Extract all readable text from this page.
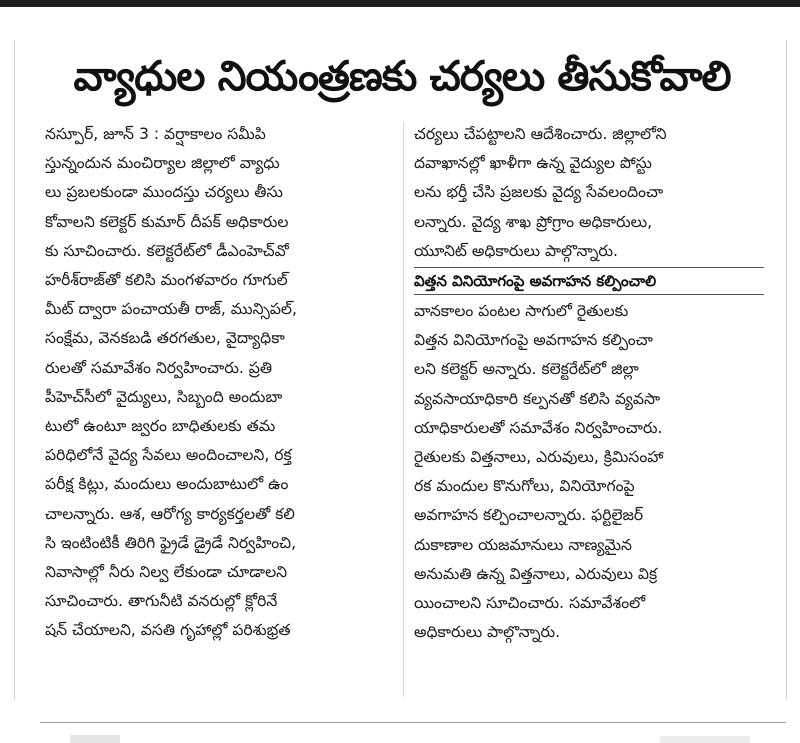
వ్యాధుల నియంత్రణకు చర్యలు తీసుకోవాలి
నస్పూర్, జూన్ 3 : వర్షాకాలం సమీపి
స్తున్నందున మంచిర్యాల జిల్లాలో వ్యాధు
లు ప్రబలకుండా ముందస్తు చర్యలు తీసు
కోవాలని కలెక్టర్ కుమార్ దీపక్ అధికారుల
కు సూచించారు. కలెక్టరేట్‌లో డీఎంహెచ్‌వో
హరీశ్‌రాజ్‌తో కలిసి మంగళవారం గూగుల్
మీట్ ద్వారా పంచాయతీ రాజ్, మున్సిపల్,
సంక్షేమ, వెనకబడి తరగతుల, వైద్యాధికా
రులతో సమావేశం నిర్వహించారు. ప్రతి
పీహెచ్‌సీలో వైద్యులు, సిబ్బంది అందుబా
టులో ఉంటూ జ్వరం బాధితులకు తమ
పరిధిలోనే వైద్య సేవలు అందించాలని, రక్త
పరీక్ష కిట్లు, మందులు అందుబాటులో ఉం
చాలన్నారు. ఆశ, ఆరోగ్య కార్యకర్తలతో కలి
సి ఇంటింటికీ తిరిగి ఫ్రైడే డ్రైడే నిర్వహించి,
నివాసాల్లో నీరు నిల్వ లేకుండా చూడాలని
సూచించారు. తాగునీటి వనరుల్లో క్లోరినే
షన్ చేయాలని, వసతి గృహాల్లో పరిశుభ్రత
చర్యలు చేపట్టాలని ఆదేశించారు. జిల్లాలోని
దవాఖానల్లో ఖాళీగా ఉన్న వైద్యుల పోస్టు
లను భర్తీ చేసి ప్రజలకు వైద్య సేవలందించా
లన్నారు. వైద్య శాఖ ప్రోగ్రాం అధికారులు,
యూనిట్ అధికారులు పాల్గొన్నారు.
విత్తన వినియోగంపై అవగాహన కల్పించాలి
వానకాలం పంటల సాగులో రైతులకు
విత్తన వినియోగంపై అవగాహన కల్పించా
లని కలెక్టర్ అన్నారు. కలెక్టరేట్‌లో జిల్లా
వ్యవసాయాధికారి కల్పనతో కలిసి వ్యవసా
యాధికారులతో సమావేశం నిర్వహించారు.
రైతులకు విత్తనాలు, ఎరువులు, క్రిమిసంహా
రక మందుల కొనుగోలు, వినియోగంపై
అవగాహన కల్పించాలన్నారు. ఫర్టిలైజర్
దుకాణాల యజమానులు నాణ్యమైన
అనుమతి ఉన్న విత్తనాలు, ఎరువులు విక్ర
యించాలని సూచించారు. సమావేశంలో
అధికారులు పాల్గొన్నారు.
